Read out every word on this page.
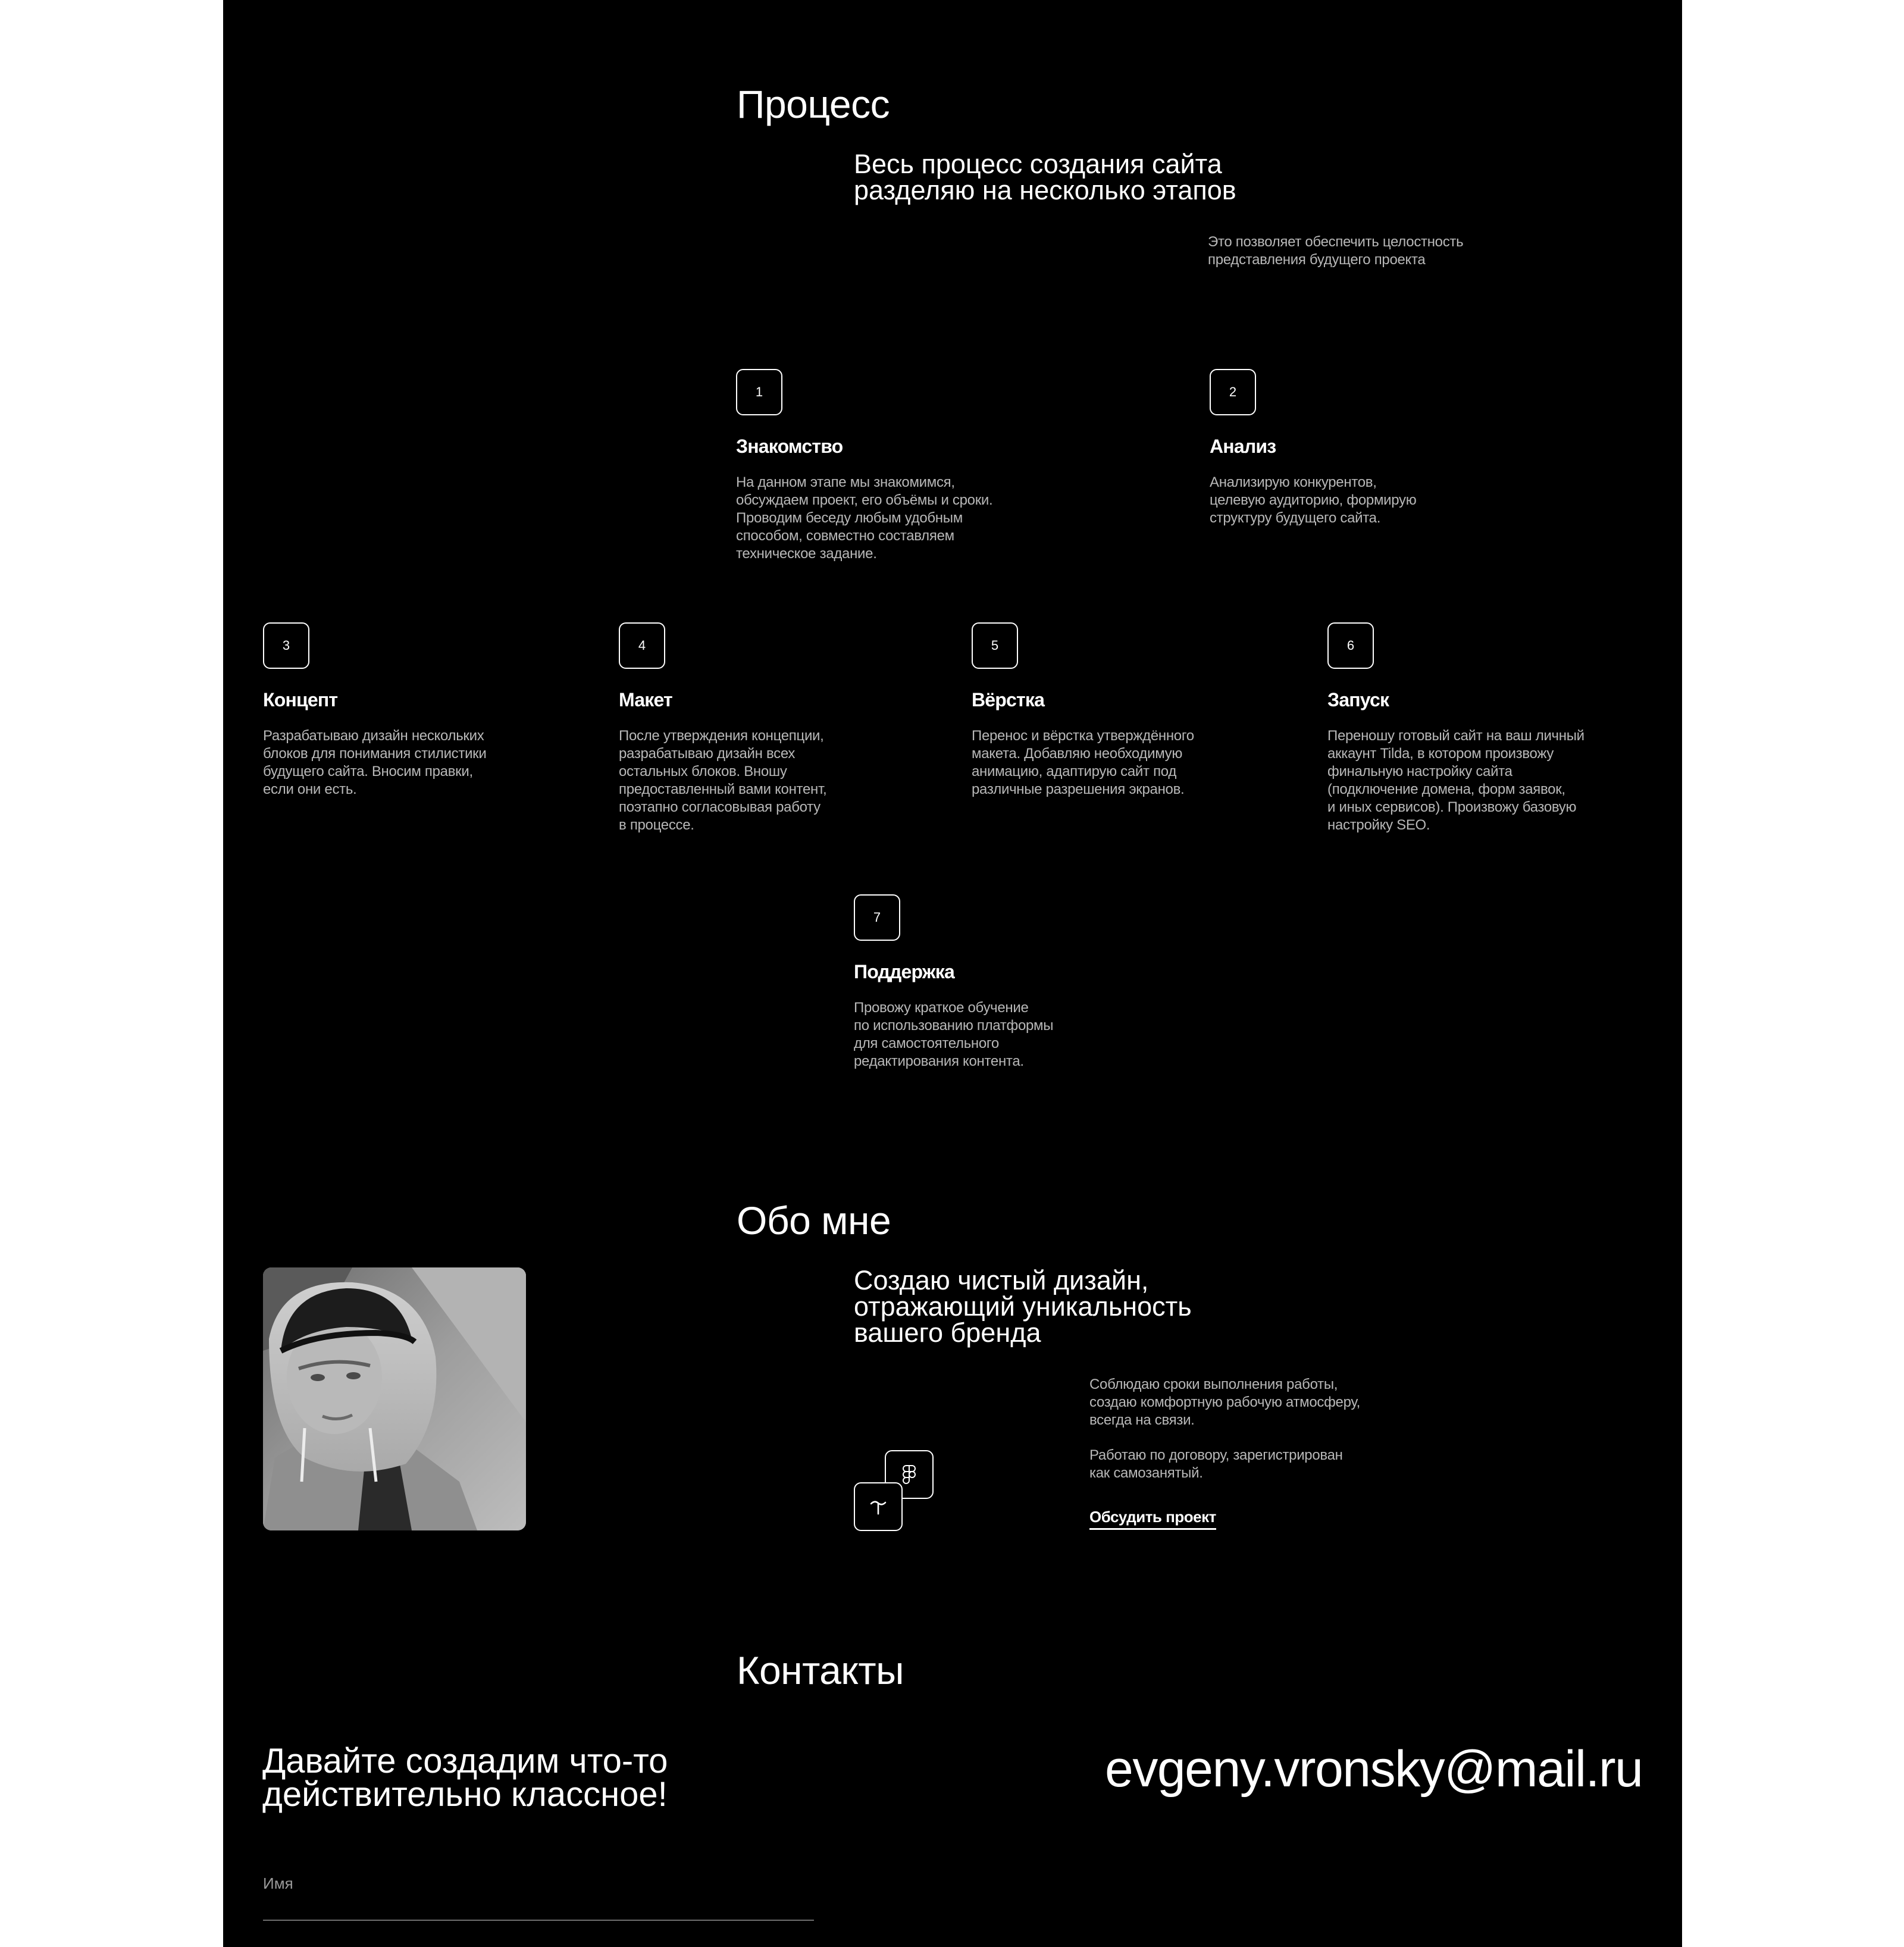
Процесс

Весь процесс создания сайта
разделяю на несколько этапов

Это позволяет обеспечить целостность
представления будущего проекта

1
Знакомство

На данном этапе мы знакомимся,
обсуждаем проект, его объёмы и сроки.
Проводим беседу любым удобным
способом, совместно составляем
техническое задание.

2
Анализ

Анализирую конкурентов,
целевую аудиторию, формирую
структуру будущего сайта.

3
Концепт

Разрабатываю дизайн нескольких
блоков для понимания стилистики
будущего сайта. Вносим правки,
если они есть.

4
Макет

После утверждения концепции,
разрабатываю дизайн всех
остальных блоков. Вношу
предоставленный вами контент,
поэтапно согласовывая работу
в процессе.

5
Вёрстка

Перенос и вёрстка утверждённого
макета. Добавляю необходимую
анимацию, адаптирую сайт под
различные разрешения экранов.

6
Запуск

Переношу готовый сайт на ваш личный
аккаунт Tilda, в котором произвожу
финальную настройку сайта
(подключение домена, форм заявок,
и иных сервисов). Произвожу базовую
настройку SEO.

7
Поддержка

Провожу краткое обучение
по использованию платформы
для самостоятельного
редактирования контента.

Обо мне

Создаю чистый дизайн,
отражающий уникальность
вашего бренда

Соблюдаю сроки выполнения работы,
создаю комфортную рабочую атмосферу,
всегда на связи.

Работаю по договору, зарегистрирован
как самозанятый.

Обсудить проект
Контакты

Давайте создадим что-то
действительно классное!	evgeny.vronsky@mail.ru
Имя
